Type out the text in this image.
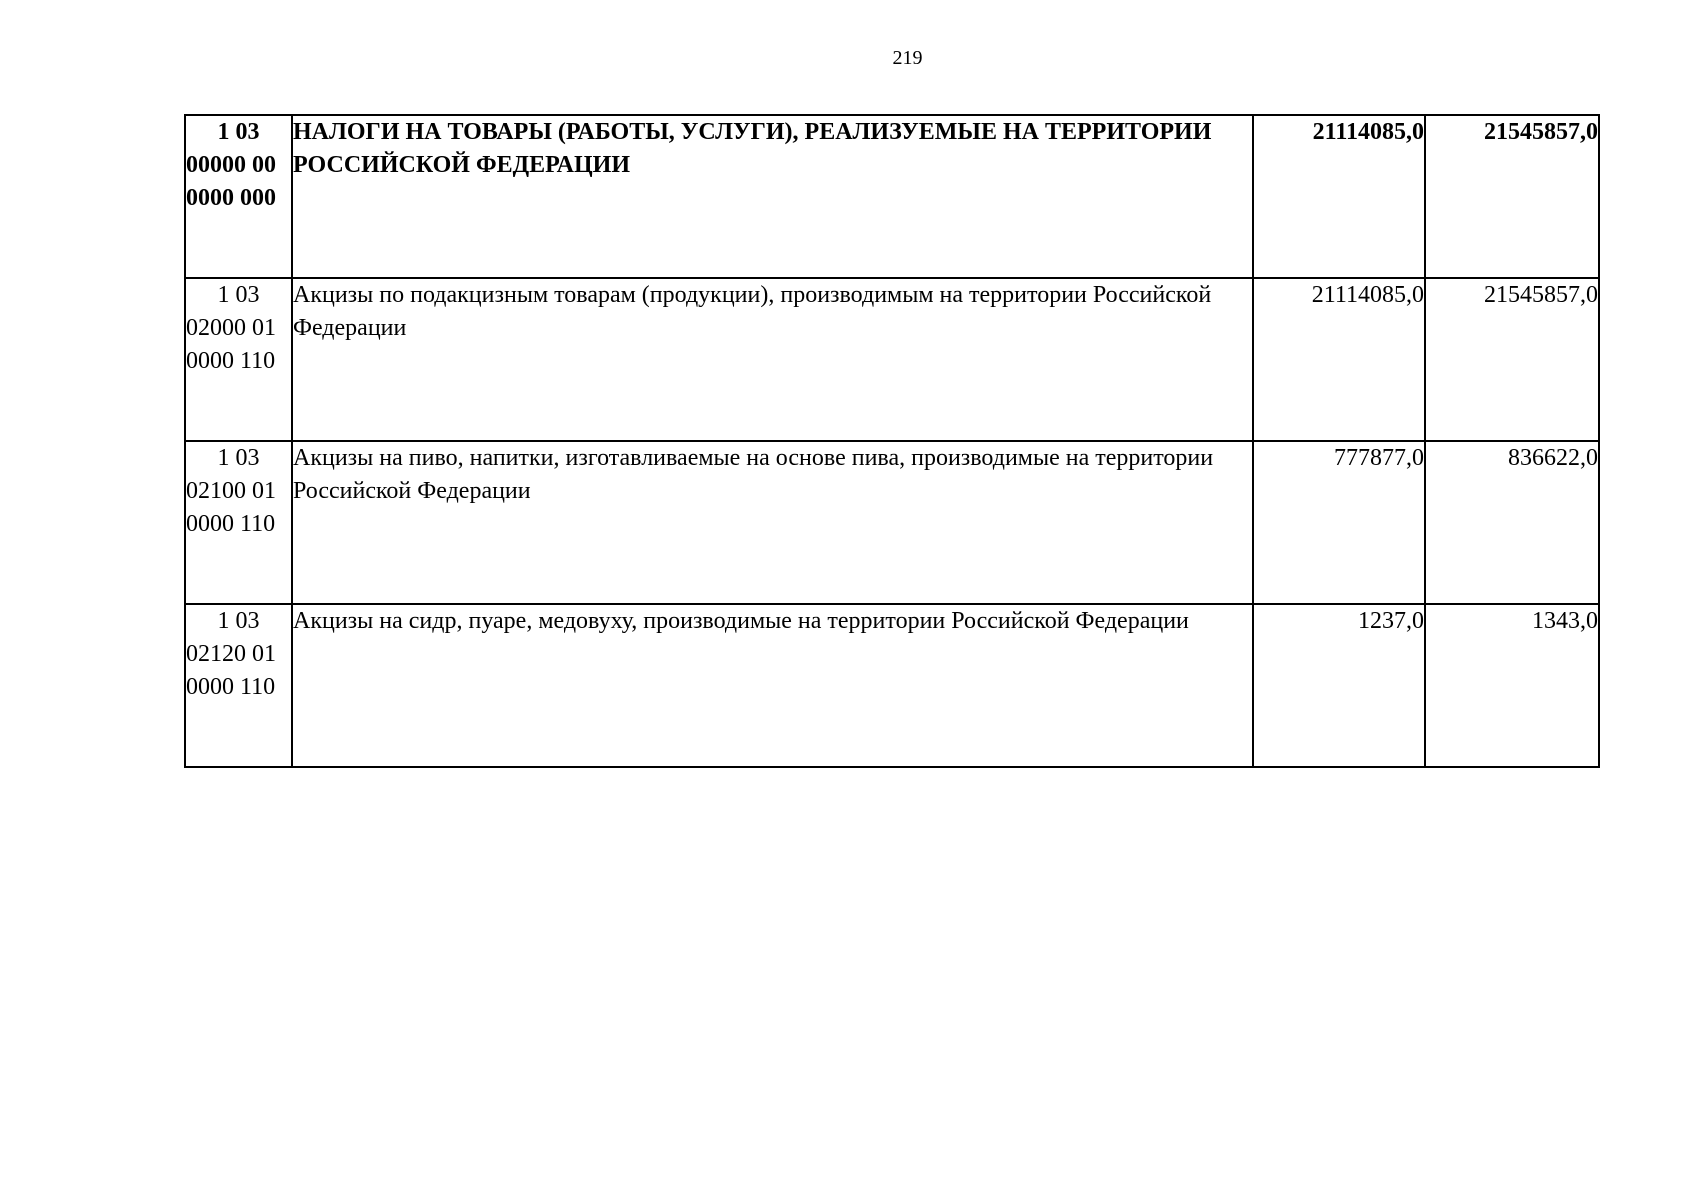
219
1 03
00000 00
0000 000	НАЛОГИ НА ТОВАРЫ (РАБОТЫ, УСЛУГИ), РЕАЛИЗУЕМЫЕ НА ТЕРРИТОРИИ РОССИЙСКОЙ ФЕДЕРАЦИИ	21114085,0	21545857,0

1 03
02000 01
0000 110	Акцизы по подакцизным товарам (продукции), производимым на территории Российской Федерации	21114085,0	21545857,0

1 03
02100 01
0000 110	Акцизы на пиво, напитки, изготавливаемые на основе пива, производимые на территории Российской Федерации	777877,0	836622,0

1 03
02120 01
0000 110	Акцизы на сидр, пуаре, медовуху, производимые на территории Российской Федерации	1237,0	1343,0
